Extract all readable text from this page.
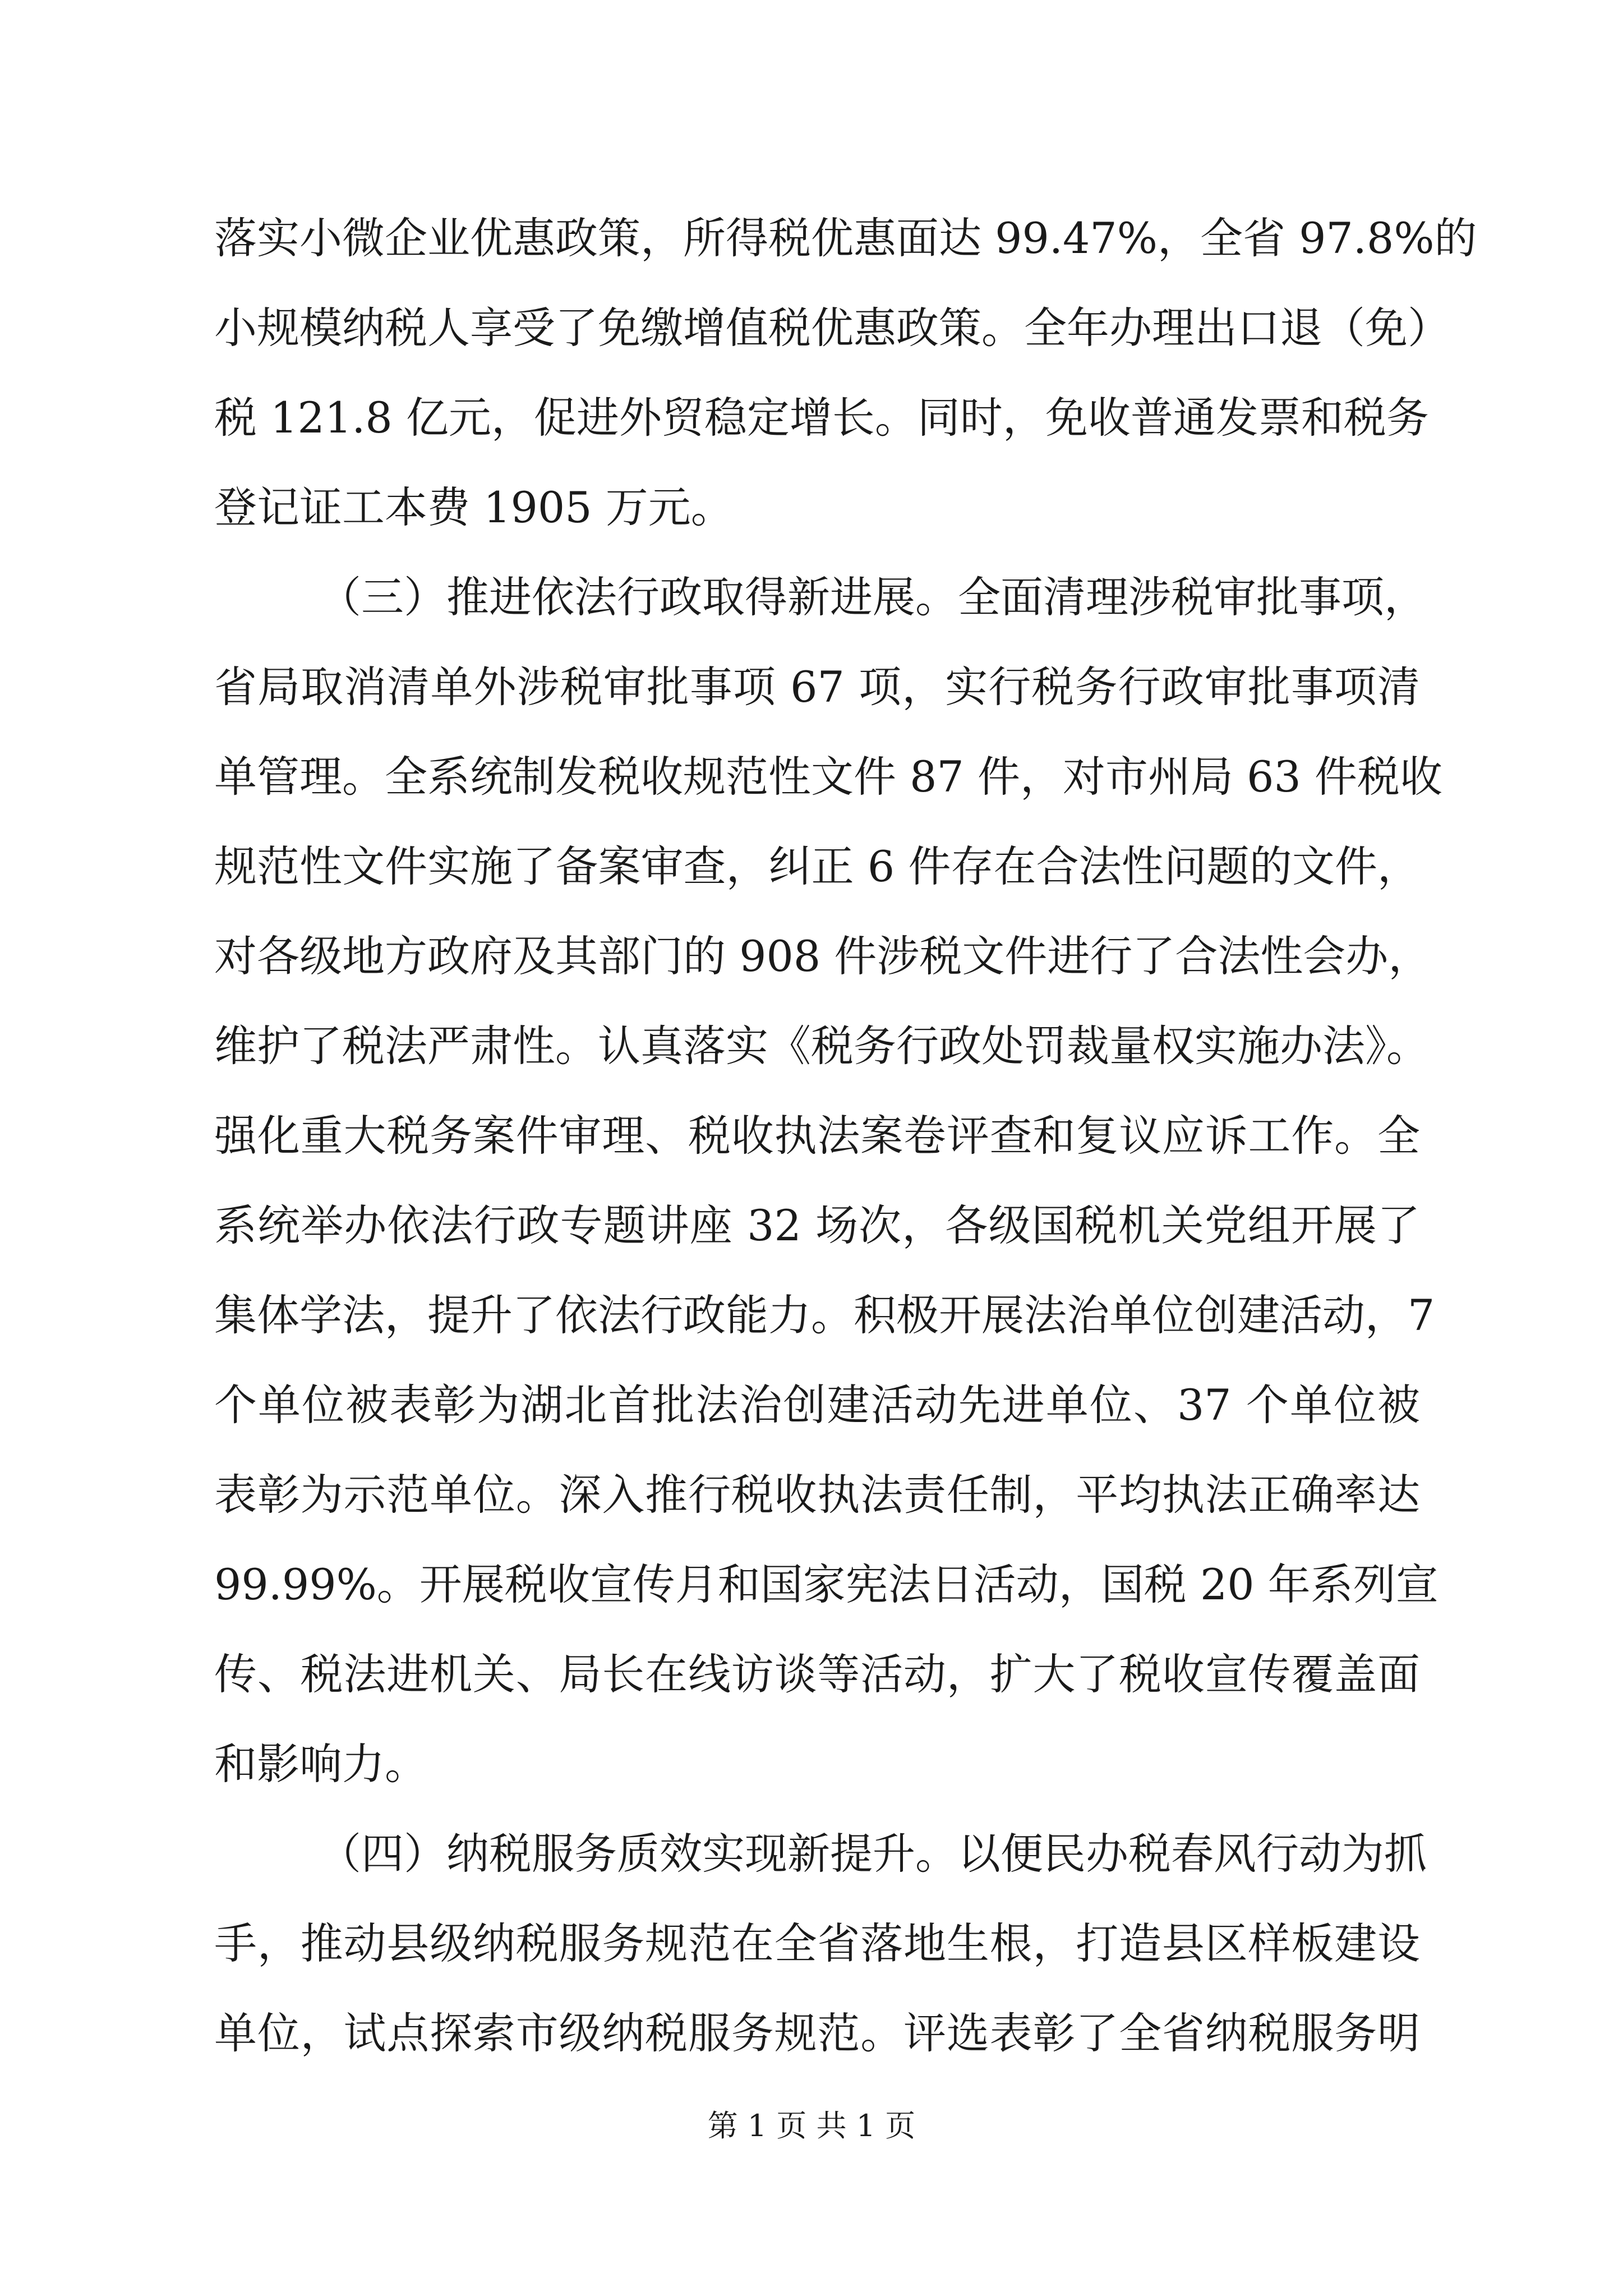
落实小微企业优惠政策，所得税优惠面达 99.47%，全省 97.8%的
小规模纳税人享受了免缴增值税优惠政策。全年办理出口退（免）
税 121.8 亿元，促进外贸稳定增长。同时，免收普通发票和税务
登记证工本费 1905 万元。
（三）推进依法行政取得新进展。全面清理涉税审批事项，
省局取消清单外涉税审批事项 67 项，实行税务行政审批事项清
单管理。全系统制发税收规范性文件 87 件，对市州局 63 件税收
规范性文件实施了备案审查，纠正 6 件存在合法性问题的文件，
对各级地方政府及其部门的 908 件涉税文件进行了合法性会办，
维护了税法严肃性。认真落实《税务行政处罚裁量权实施办法》。
强化重大税务案件审理、税收执法案卷评查和复议应诉工作。全
系统举办依法行政专题讲座 32 场次，各级国税机关党组开展了
集体学法，提升了依法行政能力。积极开展法治单位创建活动，7
个单位被表彰为湖北首批法治创建活动先进单位、37 个单位被
表彰为示范单位。深入推行税收执法责任制，平均执法正确率达
99.99%。开展税收宣传月和国家宪法日活动，国税 20 年系列宣
传、税法进机关、局长在线访谈等活动，扩大了税收宣传覆盖面
和影响力。
（四）纳税服务质效实现新提升。以便民办税春风行动为抓
手，推动县级纳税服务规范在全省落地生根，打造县区样板建设
单位，试点探索市级纳税服务规范。评选表彰了全省纳税服务明
第 1 页 共 1 页
